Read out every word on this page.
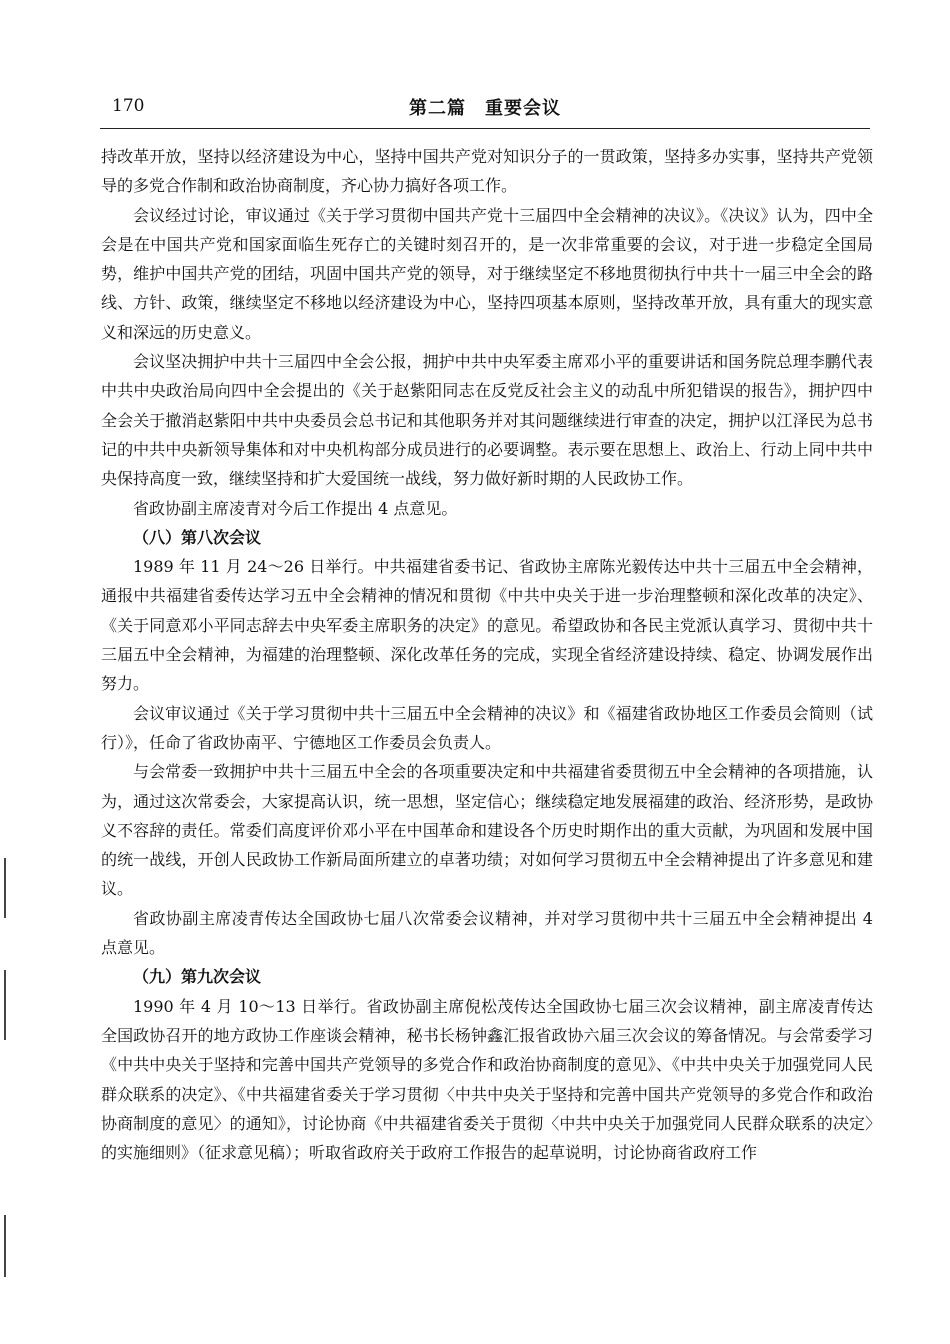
170	第二篇　重要会议

持改革开放，坚持以经济建设为中心，坚持中国共产党对知识分子的一贯政策，坚持多办实事，坚持共产党领导的多党合作制和政治协商制度，齐心协力搞好各项工作。

会议经过讨论，审议通过《关于学习贯彻中国共产党十三届四中全会精神的决议》。《决议》认为，四中全会是在中国共产党和国家面临生死存亡的关键时刻召开的，是一次非常重要的会议，对于进一步稳定全国局势，维护中国共产党的团结，巩固中国共产党的领导，对于继续坚定不移地贯彻执行中共十一届三中全会的路线、方针、政策，继续坚定不移地以经济建设为中心，坚持四项基本原则，坚持改革开放，具有重大的现实意义和深远的历史意义。

会议坚决拥护中共十三届四中全会公报，拥护中共中央军委主席邓小平的重要讲话和国务院总理李鹏代表中共中央政治局向四中全会提出的《关于赵紫阳同志在反党反社会主义的动乱中所犯错误的报告》，拥护四中全会关于撤消赵紫阳中共中央委员会总书记和其他职务并对其问题继续进行审查的决定，拥护以江泽民为总书记的中共中央新领导集体和对中央机构部分成员进行的必要调整。表示要在思想上、政治上、行动上同中共中央保持高度一致，继续坚持和扩大爱国统一战线，努力做好新时期的人民政协工作。

省政协副主席凌青对今后工作提出 4 点意见。

（八）第八次会议

1989 年 11 月 24～26 日举行。中共福建省委书记、省政协主席陈光毅传达中共十三届五中全会精神，通报中共福建省委传达学习五中全会精神的情况和贯彻《中共中央关于进一步治理整顿和深化改革的决定》、《关于同意邓小平同志辞去中央军委主席职务的决定》的意见。希望政协和各民主党派认真学习、贯彻中共十三届五中全会精神，为福建的治理整顿、深化改革任务的完成，实现全省经济建设持续、稳定、协调发展作出努力。

会议审议通过《关于学习贯彻中共十三届五中全会精神的决议》和《福建省政协地区工作委员会简则（试行）》，任命了省政协南平、宁德地区工作委员会负责人。

与会常委一致拥护中共十三届五中全会的各项重要决定和中共福建省委贯彻五中全会精神的各项措施，认为，通过这次常委会，大家提高认识，统一思想，坚定信心；继续稳定地发展福建的政治、经济形势，是政协义不容辞的责任。常委们高度评价邓小平在中国革命和建设各个历史时期作出的重大贡献，为巩固和发展中国的统一战线，开创人民政协工作新局面所建立的卓著功绩；对如何学习贯彻五中全会精神提出了许多意见和建议。

省政协副主席凌青传达全国政协七届八次常委会议精神，并对学习贯彻中共十三届五中全会精神提出 4 点意见。

（九）第九次会议

1990 年 4 月 10～13 日举行。省政协副主席倪松茂传达全国政协七届三次会议精神，副主席凌青传达全国政协召开的地方政协工作座谈会精神，秘书长杨钟鑫汇报省政协六届三次会议的筹备情况。与会常委学习《中共中央关于坚持和完善中国共产党领导的多党合作和政治协商制度的意见》、《中共中央关于加强党同人民群众联系的决定》、《中共福建省委关于学习贯彻〈中共中央关于坚持和完善中国共产党领导的多党合作和政治协商制度的意见〉的通知》，讨论协商《中共福建省委关于贯彻〈中共中央关于加强党同人民群众联系的决定〉的实施细则》（征求意见稿）；听取省政府关于政府工作报告的起草说明，讨论协商省政府工作
